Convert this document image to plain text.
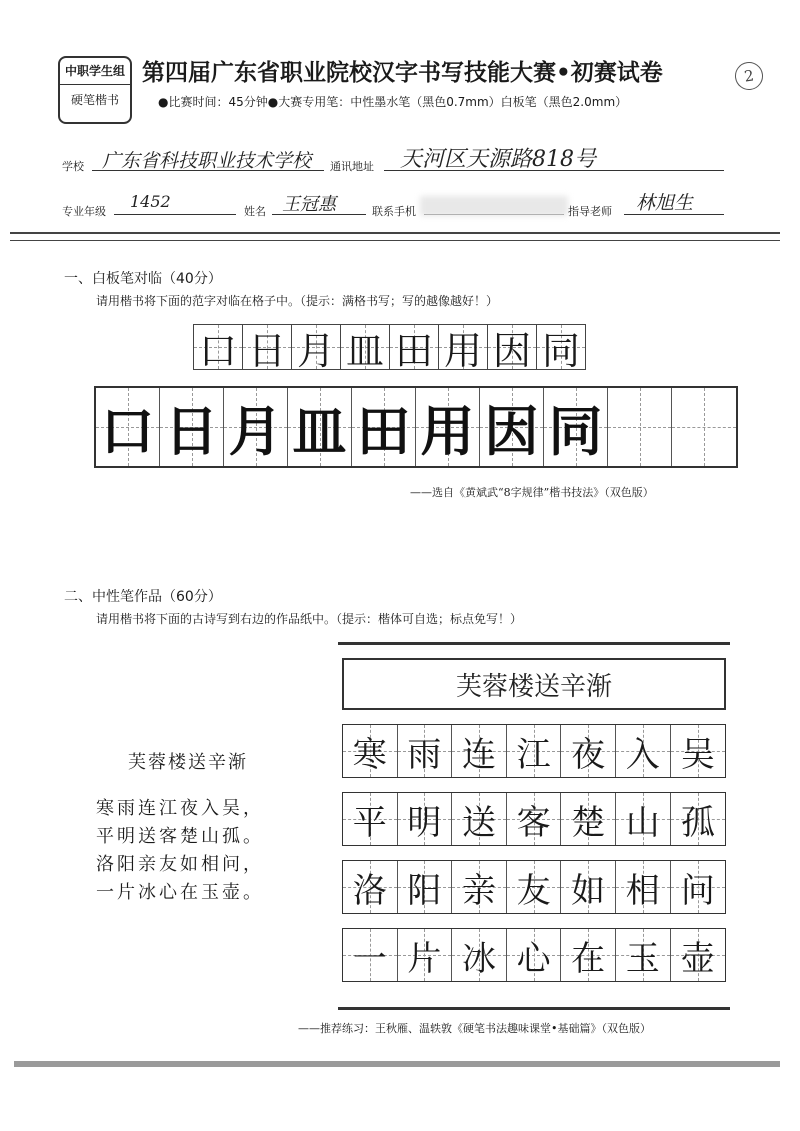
中职学生组
硬笔楷书
第四届广东省职业院校汉字书写技能大赛•初赛试卷
●比赛时间：45分钟●大赛专用笔：中性墨水笔（黑色0.7mm）白板笔（黑色2.0mm）
2
学校 广东省科技职业技术学校 通讯地址 天河区天源路818号
专业年级
1452
姓名 王冠惠	联系手机	指导老师 林旭生
一、白板笔对临（40分）
请用楷书将下面的范字对临在格子中。（提示：满格书写；写的越像越好！）
口 日 月 皿 田 用 因 同
口 日 月 皿 田 用 因 同
——选自《黄斌武“8字规律”楷书技法》（双色版）
二、中性笔作品（60分）
请用楷书将下面的古诗写到右边的作品纸中。（提示：楷体可自选；标点免写！）
芙蓉楼送辛渐
寒雨连江夜入吴，
平明送客楚山孤。
洛阳亲友如相问，
一片冰心在玉壶。
芙蓉楼送辛渐
寒 雨 连 江 夜 入 吴
平 明 送 客 楚 山 孤
洛 阳 亲 友 如 相 问
一 片 冰 心 在 玉 壶
——推荐练习：王秋雁、温轶敦《硬笔书法趣味课堂•基础篇》（双色版）
